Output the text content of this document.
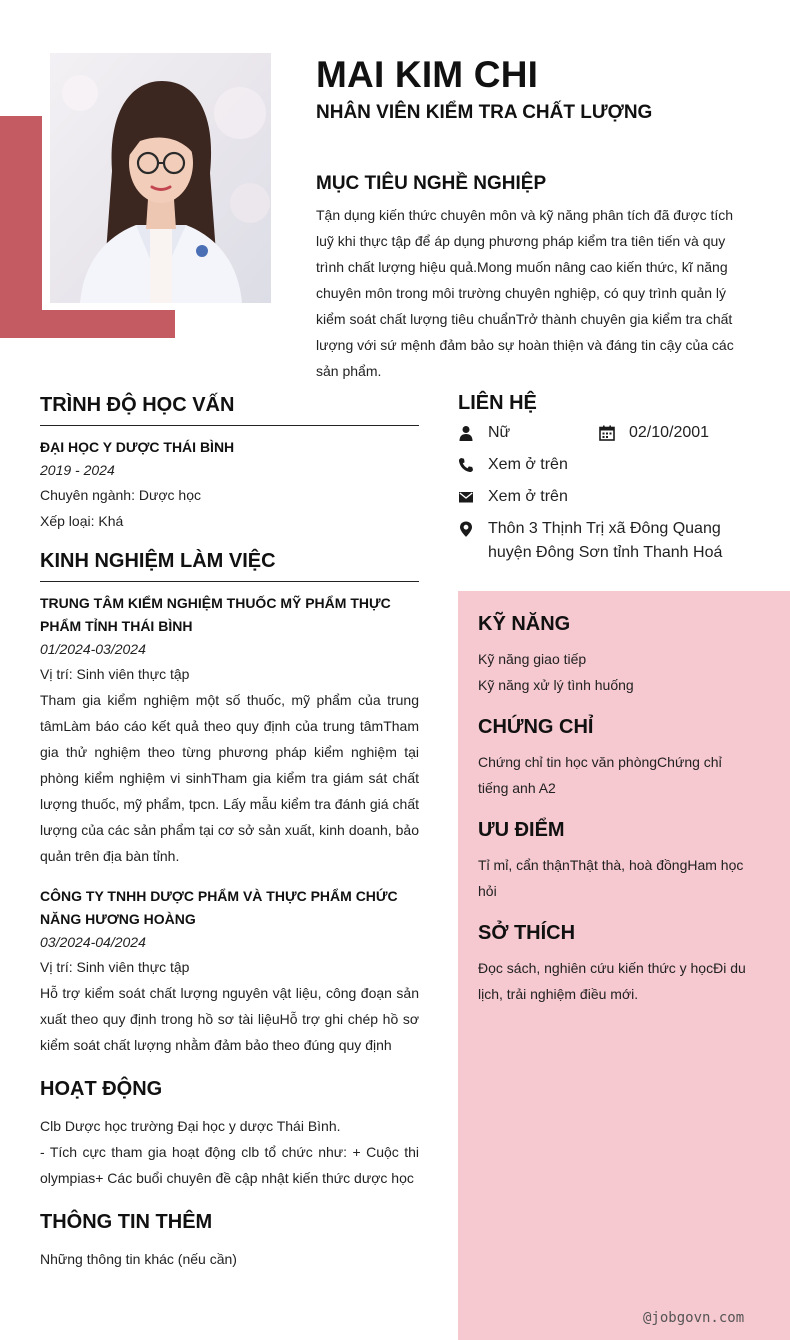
MAI KIM CHI
NHÂN VIÊN KIỂM TRA CHẤT LƯỢNG
MỤC TIÊU NGHỀ NGHIỆP
Tận dụng kiến thức chuyên môn và kỹ năng phân tích đã được tích luỹ khi thực tập để áp dụng phương pháp kiểm tra tiên tiến và quy trình chất lượng hiệu quả.Mong muốn nâng cao kiến thức, kĩ năng chuyên môn trong môi trường chuyên nghiệp, có quy trình quản lý kiểm soát chất lượng tiêu chuẩnTrở thành chuyên gia kiểm tra chất lượng với sứ mệnh đảm bảo sự hoàn thiện và đáng tin cậy của các sản phẩm.
TRÌNH ĐỘ HỌC VẤN
ĐẠI HỌC Y DƯỢC THÁI BÌNH
2019 - 2024
Chuyên ngành: Dược học
Xếp loại: Khá
KINH NGHIỆM LÀM VIỆC
TRUNG TÂM KIỂM NGHIỆM THUỐC MỸ PHẨM THỰC PHẨM TỈNH THÁI BÌNH
01/2024-03/2024
Vị trí: Sinh viên thực tập
Tham gia kiểm nghiệm một số thuốc, mỹ phẩm của trung tâmLàm báo cáo kết quả theo quy định của trung tâmTham gia thử nghiệm theo từng phương pháp kiểm nghiệm tại phòng kiểm nghiệm vi sinhTham gia kiểm tra giám sát chất lượng thuốc, mỹ phẩm, tpcn. Lấy mẫu kiểm tra đánh giá chất lượng của các sản phẩm tại cơ sở sản xuất, kinh doanh, bảo quản trên địa bàn tỉnh.
CÔNG TY TNHH DƯỢC PHẨM VÀ THỰC PHẨM CHỨC NĂNG HƯƠNG HOÀNG
03/2024-04/2024
Vị trí: Sinh viên thực tập
Hỗ trợ kiểm soát chất lượng nguyên vật liệu, công đoạn sản xuất theo quy định trong hồ sơ tài liệuHỗ trợ ghi chép hồ sơ kiểm soát chất lượng nhằm đảm bảo theo đúng quy định
HOẠT ĐỘNG
Clb Dược học trường Đại học y dược Thái Bình.
- Tích cực tham gia hoạt động clb tổ chức như: + Cuộc thi olympias+ Các buổi chuyên đề cập nhật kiến thức dược học
THÔNG TIN THÊM
Những thông tin khác (nếu cần)
LIÊN HỆ
Nữ	02/10/2001
Xem ở trên
Xem ở trên
Thôn 3 Thịnh Trị xã Đông Quang huyện Đông Sơn tỉnh Thanh Hoá
KỸ NĂNG
Kỹ năng giao tiếp
Kỹ năng xử lý tình huống
CHỨNG CHỈ
Chứng chỉ tin học văn phòngChứng chỉ tiếng anh A2
ƯU ĐIỂM
Tỉ mỉ, cẩn thậnThật thà, hoà đồngHam học hỏi
SỞ THÍCH
Đọc sách, nghiên cứu kiến thức y họcĐi du lịch, trải nghiệm điều mới.
@jobgovn.com
